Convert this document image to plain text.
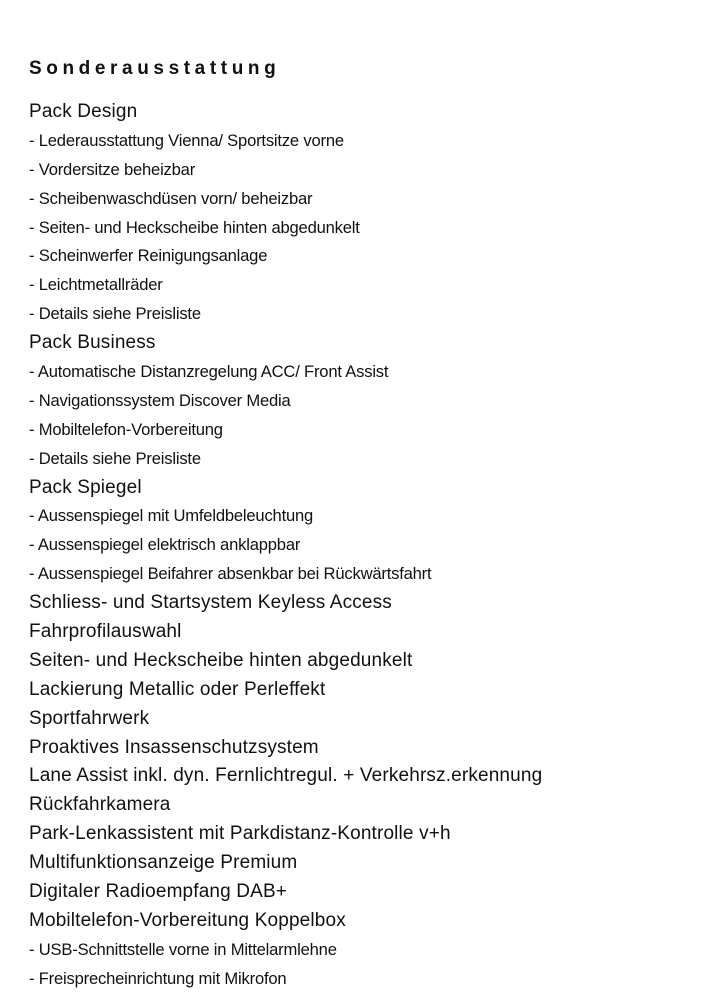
Sonderausstattung
Pack Design
- Lederausstattung Vienna/ Sportsitze vorne
- Vordersitze beheizbar
- Scheibenwaschdüsen vorn/ beheizbar
- Seiten- und Heckscheibe hinten abgedunkelt
- Scheinwerfer Reinigungsanlage
- Leichtmetallräder
- Details siehe Preisliste
Pack Business
- Automatische Distanzregelung ACC/ Front Assist
- Navigationssystem Discover Media
- Mobiltelefon-Vorbereitung
- Details siehe Preisliste
Pack Spiegel
- Aussenspiegel mit Umfeldbeleuchtung
- Aussenspiegel elektrisch anklappbar
- Aussenspiegel Beifahrer absenkbar bei Rückwärtsfahrt
Schliess- und Startsystem Keyless Access
Fahrprofilauswahl
Seiten- und Heckscheibe hinten abgedunkelt
Lackierung Metallic oder Perleffekt
Sportfahrwerk
Proaktives Insassenschutzsystem
Lane Assist inkl. dyn. Fernlichtregul. + Verkehrsz.erkennung
Rückfahrkamera
Park-Lenkassistent mit Parkdistanz-Kontrolle v+h
Multifunktionsanzeige Premium
Digitaler Radioempfang DAB+
Mobiltelefon-Vorbereitung Koppelbox
- USB-Schnittstelle vorne in Mittelarmlehne
- Freisprecheinrichtung mit Mikrofon
